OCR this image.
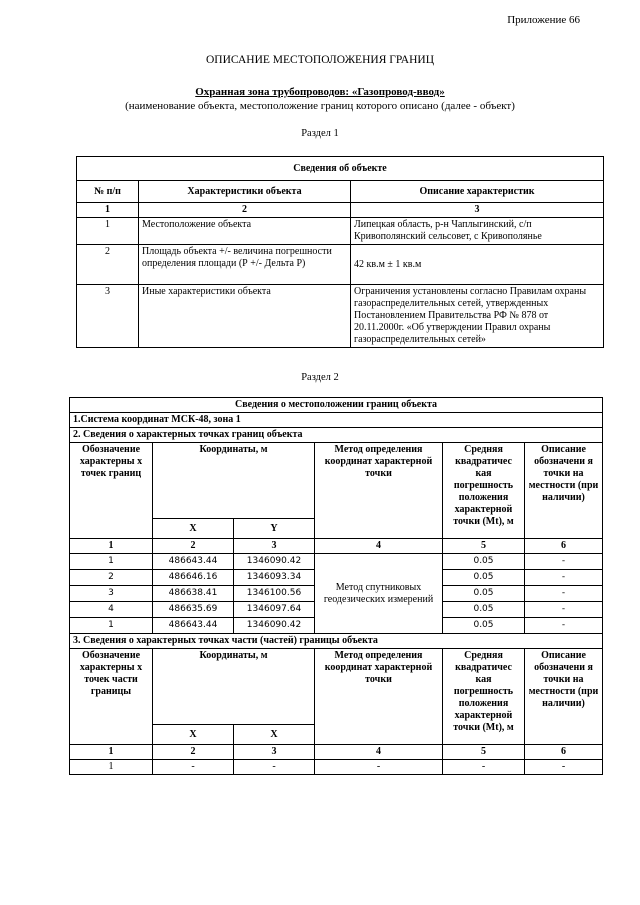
Приложение 66
ОПИСАНИЕ МЕСТОПОЛОЖЕНИЯ ГРАНИЦ
Охранная зона трубопроводов: «Газопровод-ввод»
(наименование объекта, местоположение границ которого описано (далее - объект)
Раздел 1
Сведения об объекте		
№ п/п	Характеристики объекта	Описание характеристик
1	2	3
1	Местоположение объекта	Липецкая область, р-н Чаплыгинский, с/п Кривополянский сельсовет, с Кривополянье
2	Площадь объекта +/- величина погрешности определения площади (Р +/- Дельта Р)	42 кв.м ± 1 кв.м
3	Иные характеристики объекта	Ограничения установлены согласно Правилам охраны газораспределительных сетей, утвержденных Постановлением Правительства РФ № 878 от 20.11.2000г. «Об утверждении Правил охраны газораспределительных сетей»
Раздел 2
Сведения о местоположении границ объекта					
1.Система координат МСК-48, зона 1					
2. Сведения о характерных точках границ объекта					
Обозначение характерны х точек границ	Координаты, м		Метод определения координат характерной точки	Средняя квадратичес кая погрешность положения характерной точки (Mt), м	Описание обозначени я точки на местности (при наличии)
	X	Y			
1	2	3	4	5	6
1	486643.44	1346090.42	Метод спутниковых геодезических измерений	0.05	-
2	486646.16	1346093.34		0.05	-
3	486638.41	1346100.56		0.05	-
4	486635.69	1346097.64		0.05	-
1	486643.44	1346090.42		0.05	-
3. Сведения о характерных точках части (частей) границы объекта					
Обозначение характерны х точек части границы	Координаты, м		Метод определения координат характерной точки	Средняя квадратичес кая погрешность положения характерной точки (Mt), м	Описание обозначени я точки на местности (при наличии)
	X	X			
1	2	3	4	5	6
1	-	-	-	-	-
